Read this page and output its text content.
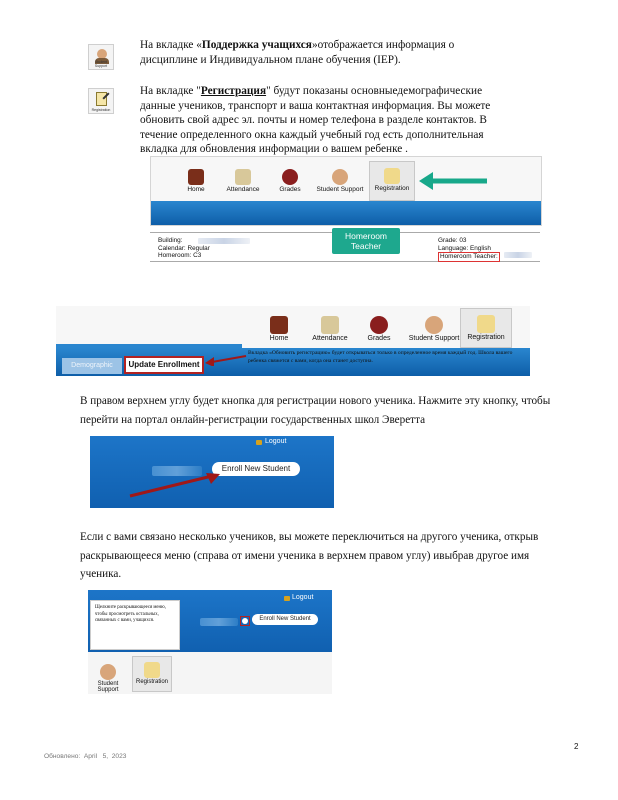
Student Support
На вкладке «Поддержка учащихся»отображается информация о дисциплине и Индивидуальном плане обучения (IEP).
Registration
На вкладке "Регистрация" будут показаны основныедемографические данные учеников, транспорт и ваша контактная информация. Вы можете обновить свой адрес эл. почты и номер телефона в разделе контактов. В течение определенного окна каждый учебный год есть дополнительная вкладка для обновления информации о вашем ребенке .
Home	Attendance	Grades	Student Support	Registration
Building:
Calendar: Regular
Homeroom: C3
Grade: 03
Language: English
Homeroom Teacher:
Homeroom Teacher
Home	Attendance	Grades	Student Support	Registration
Demographic	Update Enrollment
Вкладка «Обновить регистрацию» будет открываться только в определенное время каждый год. Школа вашего ребенка свяжется с вами, когда она станет доступна.
В правом верхнем углу будет кнопка для регистрации нового ученика. Нажмите эту кнопку, чтобы перейти на портал онлайн-регистрации государственных школ Эверетта
Logout
Enroll New Student
Если с вами связано несколько учеников, вы можете переключиться на другого ученика, открыв раскрывающееся меню (справа от имени ученика в верхнем правом углу) ивыбрав другое имя ученика.
Logout
Enroll New Student
Щелкните раскрывающееся меню, чтобы просмотреть остальных, связанных с вами, учащихся.
Student Support
Registration
2
Обновлено:  April   5,  2023
